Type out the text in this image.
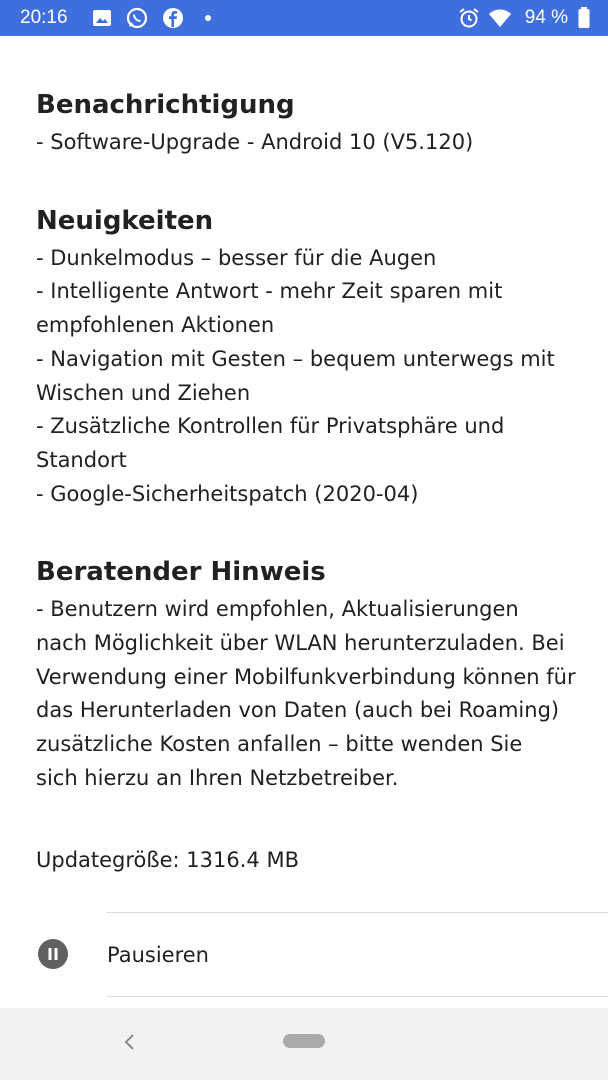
20:16	94 %
Benachrichtigung

- Software-Upgrade - Android 10 (V5.120)

Neuigkeiten

- Dunkelmodus – besser für die Augen

- Intelligente Antwort - mehr Zeit sparen mit

empfohlenen Aktionen

- Navigation mit Gesten – bequem unterwegs mit

Wischen und Ziehen

- Zusätzliche Kontrollen für Privatsphäre und

Standort

- Google-Sicherheitspatch (2020-04)

Beratender Hinweis

- Benutzern wird empfohlen, Aktualisierungen

nach Möglichkeit über WLAN herunterzuladen. Bei

Verwendung einer Mobilfunkverbindung können für

das Herunterladen von Daten (auch bei Roaming)

zusätzliche Kosten anfallen – bitte wenden Sie

sich hierzu an Ihren Netzbetreiber.

Updategröße: 1316.4 MB
Pausieren
